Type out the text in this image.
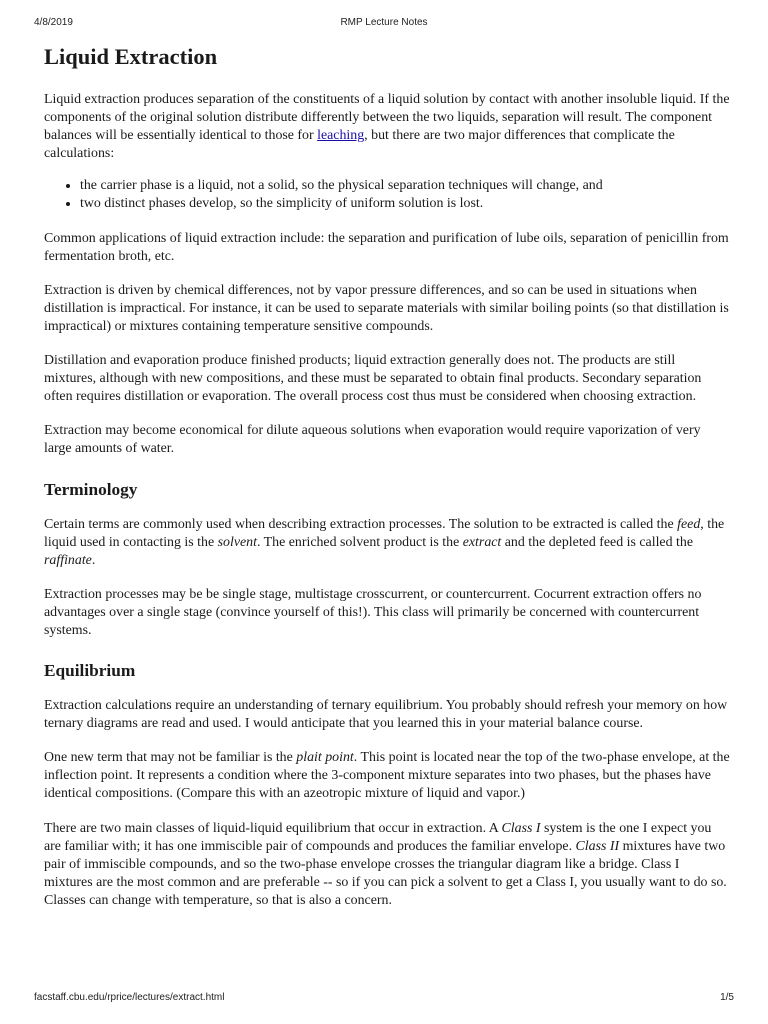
4/8/2019	RMP Lecture Notes
Liquid Extraction

Liquid extraction produces separation of the constituents of a liquid solution by contact with another insoluble liquid. If the components of the original solution distribute differently between the two liquids, separation will result. The component balances will be essentially identical to those for leaching, but there are two major differences that complicate the calculations:

• the carrier phase is a liquid, not a solid, so the physical separation techniques will change, and
• two distinct phases develop, so the simplicity of uniform solution is lost.

Common applications of liquid extraction include: the separation and purification of lube oils, separation of penicillin from fermentation broth, etc.

Extraction is driven by chemical differences, not by vapor pressure differences, and so can be used in situations when distillation is impractical. For instance, it can be used to separate materials with similar boiling points (so that distillation is impractical) or mixtures containing temperature sensitive compounds.

Distillation and evaporation produce finished products; liquid extraction generally does not. The products are still mixtures, although with new compositions, and these must be separated to obtain final products. Secondary separation often requires distillation or evaporation. The overall process cost thus must be considered when choosing extraction.

Extraction may become economical for dilute aqueous solutions when evaporation would require vaporization of very large amounts of water.

Terminology

Certain terms are commonly used when describing extraction processes. The solution to be extracted is called the feed, the liquid used in contacting is the solvent. The enriched solvent product is the extract and the depleted feed is called the raffinate.

Extraction processes may be be single stage, multistage crosscurrent, or countercurrent. Cocurrent extraction offers no advantages over a single stage (convince yourself of this!). This class will primarily be concerned with countercurrent systems.

Equilibrium

Extraction calculations require an understanding of ternary equilibrium. You probably should refresh your memory on how ternary diagrams are read and used. I would anticipate that you learned this in your material balance course.

One new term that may not be familiar is the plait point. This point is located near the top of the two-phase envelope, at the inflection point. It represents a condition where the 3-component mixture separates into two phases, but the phases have identical compositions. (Compare this with an azeotropic mixture of liquid and vapor.)

There are two main classes of liquid-liquid equilibrium that occur in extraction. A Class I system is the one I expect you are familiar with; it has one immiscible pair of compounds and produces the familiar envelope. Class II mixtures have two pair of immiscible compounds, and so the two-phase envelope crosses the triangular diagram like a bridge. Class I mixtures are the most common and are preferable -- so if you can pick a solvent to get a Class I, you usually want to do so. Classes can change with temperature, so that is also a concern.

facstaff.cbu.edu/rprice/lectures/extract.html	1/5
